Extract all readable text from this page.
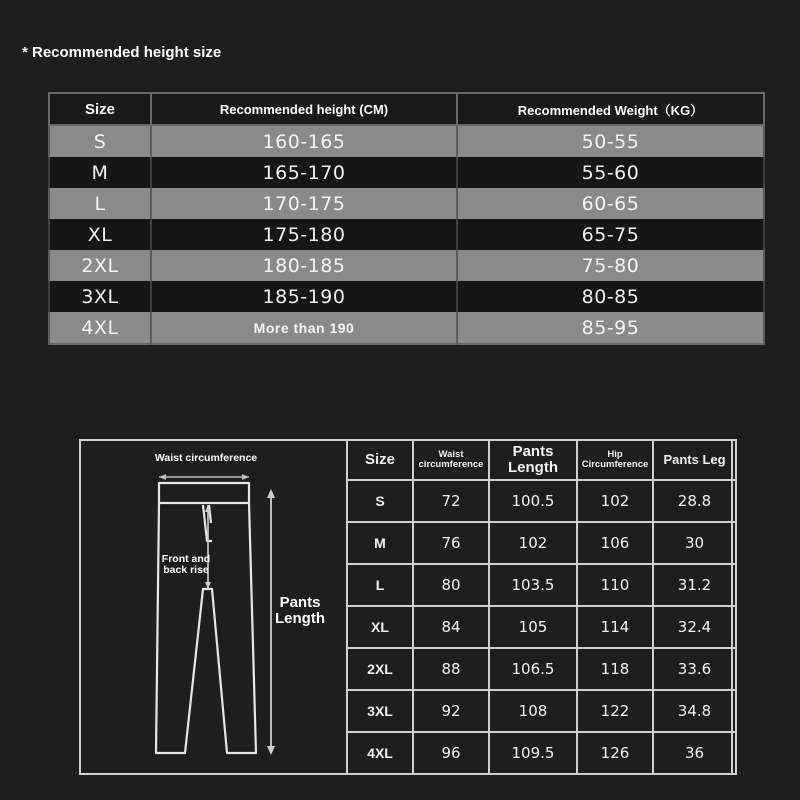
* Recommended height size
Size	Recommended height (CM)	Recommended Weight（KG）
S	160-165	50-55
M	165-170	55-60
L	170-175	60-65
XL	175-180	65-75
2XL	180-185	75-80
3XL	185-190	80-85
4XL	More than 190	85-95
Waist circumference
Front and back rise
Pants Length
Size	Waist circumference	Pants Length	Hip Circumference	Pants Leg
S	72	100.5	102	28.8
M	76	102	106	30
L	80	103.5	110	31.2
XL	84	105	114	32.4
2XL	88	106.5	118	33.6
3XL	92	108	122	34.8
4XL	96	109.5	126	36
